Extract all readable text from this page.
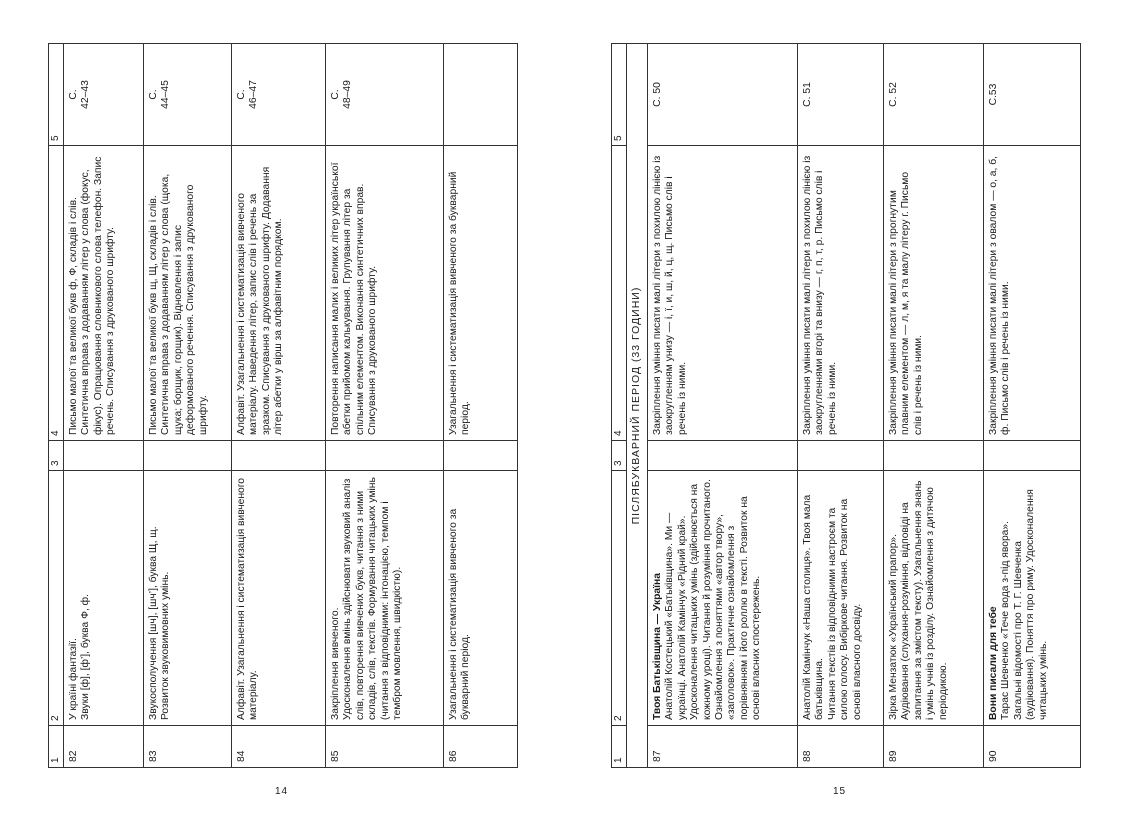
1	2	3	4	5
82	У країні фантазії. Звуки [ф], [ф’], буква Ф, ф.		Письмо малої та великої букв ф, Ф, складів і слів. Синтетична вправа з додаванням літер у слова (фокус, фікус). Опрацювання словникового слова телефон. Запис речень. Списування з друкованого шрифту.	С. 42–43

83	Звукосполучення [шч], [шч’], буква Щ, щ. Розвиток звуковимовних умінь.		Письмо малої та великої букв щ, Щ, складів і слів. Синтетична вправа з додаванням літер у слова (щока, щука; борщик, горщик). Відновлення і запис деформованого речення. Списування з друкованого шрифту.	С. 44–45

84	Алфавіт. Узагальнення і систематизація вивченого матеріалу.		Алфавіт. Узагальнення і систематизація вивченого матеріалу. Наведення літер, запис слів і речень за зразком. Списування з друкованого шрифту. Додавання літер абетки у вірш за алфавітним порядком.	С. 46–47

85	Закріплення вивченого. Удосконалення вмінь здійснювати звуковий аналіз слів, повторення вивчених букв, читання з ними складів, слів, текстів. Формування читацьких умінь (читання з відповідними: інтонацією, темпом і тембром мовлення, швидкістю).		Повторення написання малих і великих літер української абетки прийомом калькування. Групування літер за спільним елементом. Виконання синтетичних вправ. Списування з друкованого шрифту.	С. 48–49

86	Узагальнення і систематизація вивченого за букварний період.		Узагальнення і систематизація вивченого за букварний період.	
14
1	2	3	4	5
ПІСЛЯБУКВАРНИЙ ПЕРІОД (33 ГОДИНИ)				
87	Твоя Батьківщина — Україна Анатолій Костецький «Батьківщина». Ми — українці. Анатолій Камінчук «Рідний край». Удосконалення читацьких умінь (здійснюється на кожному уроці). Читання й розуміння прочитаного. Ознайомлення з поняттями «автор твору», «заголовок». Практичне ознайомлення з порівнянням і його роллю в тексті. Розвиток на основі власних спостережень.		Закріплення уміння писати малі літери з похилою лінією із заокругленням унизу — і, ї, и, ш, й, ц, щ. Письмо слів і речень із ними.	С. 50

88	Анатолій Камінчук «Наша столиця». Твоя мала батьківщина. Читання текстів із відповідними настроєм та силою голосу. Вибіркове читання. Розвиток на основі власного досвіду.		Закріплення уміння писати малі літери з похилою лінією із заокругленнями вгорі та внизу — г, п, т, р. Письмо слів і речень із ними.	С. 51

89	Зірка Мензатюк «Український прапор». Аудіювання (слухання-розуміння, відповіді на запитання за змістом тексту). Узагальнення знань і умінь учнів із розділу. Ознайомлення з дитячою періодикою.		Закріплення уміння писати малі літери з прогнутим плавним елементом — л, м, я та малу літеру г. Письмо слів і речень із ними.	С. 52

90	Вони писали для тебе Тарас Шевченко «Тече вода з-під явора». Загальні відомості про Т. Г. Шевченка (аудіювання). Поняття про риму. Удосконалення читацьких умінь.		Закріплення уміння писати малі літери з овалом — о, а, б, ф. Письмо слів і речень із ними.	С.53
15
